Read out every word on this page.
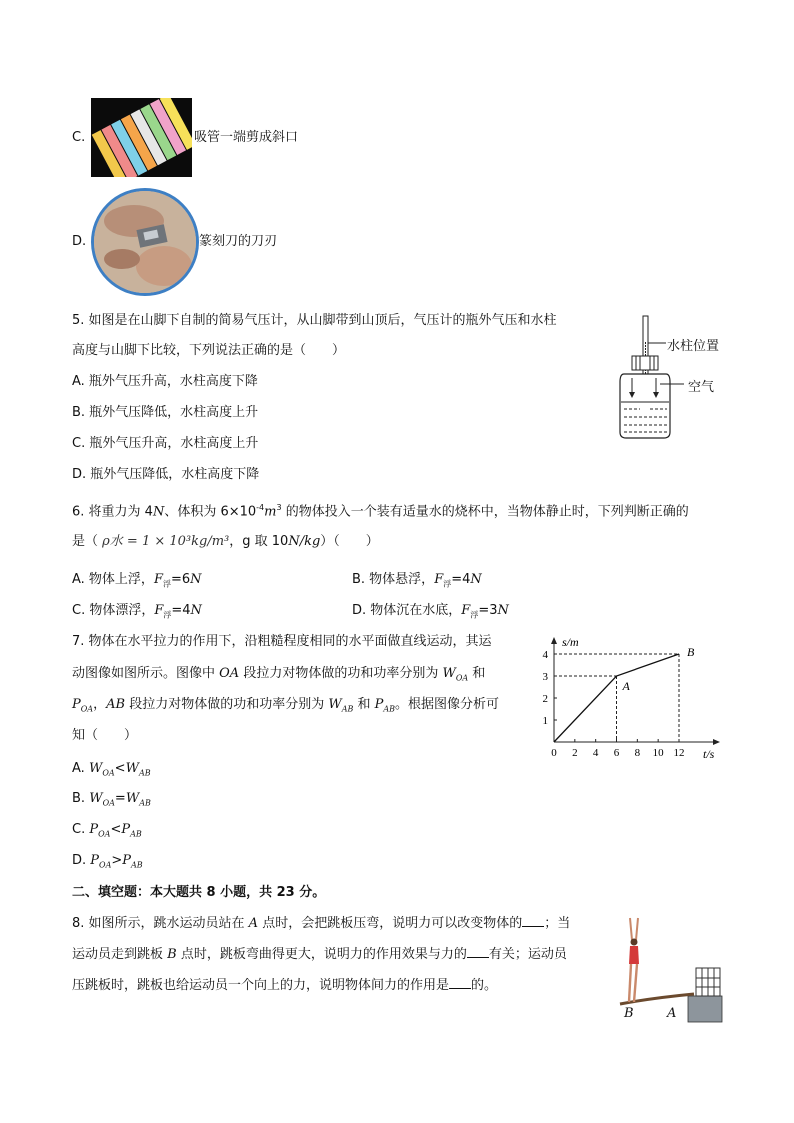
C.	吸管一端剪成斜口
D.	篆刻刀的刀刃
5. 如图是在山脚下自制的简易气压计，从山脚带到山顶后，气压计的瓶外气压和水柱
高度与山脚下比较，下列说法正确的是（　　）
A. 瓶外气压升高，水柱高度下降
B. 瓶外气压降低，水柱高度上升
C. 瓶外气压升高，水柱高度上升
D. 瓶外气压降低，水柱高度下降
水柱位置
空气
6. 将重力为 4N、体积为 $6\times 10^{-4}m^3$ 的物体投入一个装有适量水的烧杯中，当物体静止时，下列判断正确的
是（ ρ水 = 1 × 10³kg/m³，g 取 10N/kg）（　　）
A. 物体上浮，$F_浮=6N$	B. 物体悬浮，$F_浮=4N$
C. 物体漂浮，$F_浮=4N$	D. 物体沉在水底，$F_浮=3N$
7. 物体在水平拉力的作用下，沿粗糙程度相同的水平面做直线运动，其运
动图像如图所示。图像中 OA 段拉力对物体做的功和功率分别为 $W_{OA}$ 和
$P_{OA}$，AB 段拉力对物体做的功和功率分别为 $W_{AB}$ 和 $P_{AB}$。根据图像分析可
知（　　）
A. $W_{OA}<W_{AB}$
B. $W_{OA}=W_{AB}$
C. $P_{OA}<P_{AB}$
D. $P_{OA}>P_{AB}$
0 2 4 6 8 10 12
1
2
3
4
s/m
t/s
A
B
二、填空题：本大题共 8 小题，共 23 分。
8. 如图所示，跳水运动员站在 A 点时，会把跳板压弯，说明力可以改变物体的 ；当
运动员走到跳板 B 点时，跳板弯曲得更大，说明力的作用效果与力的 有关；运动员
压跳板时，跳板也给运动员一个向上的力，说明物体间力的作用是 的。
B	A
